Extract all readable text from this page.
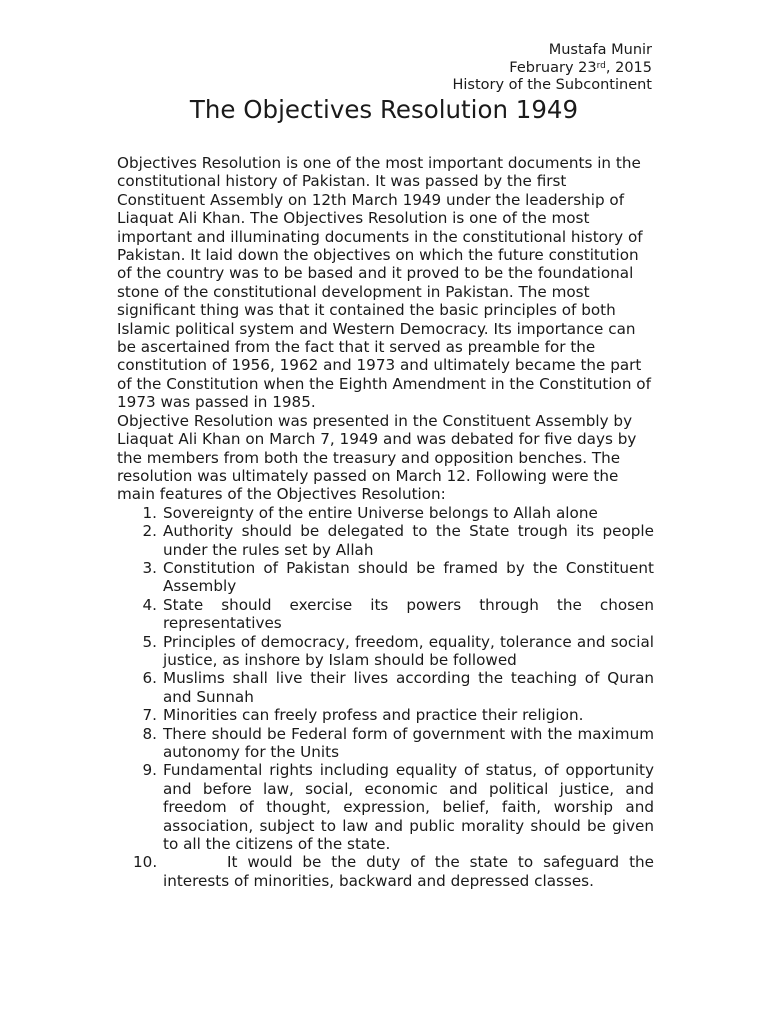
Mustafa Munir
February 23rd, 2015
History of the Subcontinent
The Objectives Resolution 1949

Objectives Resolution is one of the most important documents in the constitutional history of Pakistan. It was passed by the first Constituent Assembly on 12th March 1949 under the leadership of Liaquat Ali Khan. The Objectives Resolution is one of the most important and illuminating documents in the constitutional history of Pakistan. It laid down the objectives on which the future constitution of the country was to be based and it proved to be the foundational stone of the constitutional development in Pakistan. The most significant thing was that it contained the basic principles of both Islamic political system and Western Democracy. Its importance can be ascertained from the fact that it served as preamble for the constitution of 1956, 1962 and 1973 and ultimately became the part of the Constitution when the Eighth Amendment in the Constitution of 1973 was passed in 1985.

Objective Resolution was presented in the Constituent Assembly by Liaquat Ali Khan on March 7, 1949 and was debated for five days by the members from both the treasury and opposition benches. The resolution was ultimately passed on March 12. Following were the main features of the Objectives Resolution:

1. Sovereignty of the entire Universe belongs to Allah alone
2. Authority should be delegated to the State trough its people under the rules set by Allah
3. Constitution of Pakistan should be framed by the Constituent Assembly
4. State should exercise its powers through the chosen representatives
5. Principles of democracy, freedom, equality, tolerance and social justice, as inshore by Islam should be followed
6. Muslims shall live their lives according the teaching of Quran and Sunnah
7. Minorities can freely profess and practice their religion.
8. There should be Federal form of government with the maximum autonomy for the Units
9. Fundamental rights including equality of status, of opportunity and before law, social, economic and political justice, and freedom of thought, expression, belief, faith, worship and association, subject to law and public morality should be given to all the citizens of the state.
10.	It would be the duty of the state to safeguard the interests of minorities, backward and depressed classes.
